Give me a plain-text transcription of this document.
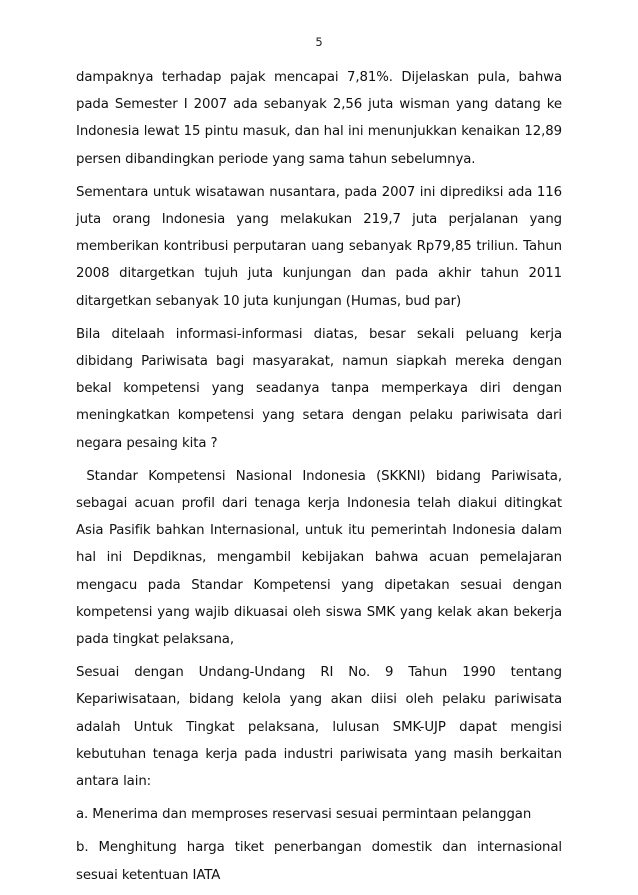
5

dampaknya terhadap pajak mencapai 7,81%. Dijelaskan pula, bahwa pada Semester I 2007 ada sebanyak 2,56 juta wisman yang datang ke Indonesia lewat 15 pintu masuk, dan hal ini menunjukkan kenaikan 12,89 persen dibandingkan periode yang sama tahun sebelumnya.

Sementara untuk wisatawan nusantara, pada 2007 ini diprediksi ada 116 juta orang Indonesia yang melakukan 219,7 juta perjalanan yang memberikan kontribusi perputaran uang sebanyak Rp79,85 triliun. Tahun 2008 ditargetkan tujuh juta kunjungan dan pada akhir tahun 2011 ditargetkan sebanyak 10 juta kunjungan (Humas, bud par)

Bila ditelaah informasi-informasi diatas, besar sekali peluang kerja dibidang Pariwisata bagi masyarakat, namun siapkah mereka dengan bekal kompetensi yang seadanya tanpa memperkaya diri dengan meningkatkan kompetensi yang setara dengan pelaku pariwisata dari negara pesaing kita ?

Standar Kompetensi Nasional Indonesia (SKKNI) bidang Pariwisata, sebagai acuan profil dari tenaga kerja Indonesia telah diakui ditingkat Asia Pasifik bahkan Internasional, untuk itu pemerintah Indonesia dalam hal ini Depdiknas, mengambil kebijakan bahwa acuan pemelajaran mengacu pada Standar Kompetensi yang dipetakan sesuai dengan kompetensi yang wajib dikuasai oleh siswa SMK yang kelak akan bekerja pada tingkat pelaksana,

Sesuai dengan Undang-Undang RI No. 9 Tahun 1990 tentang Kepariwisataan, bidang kelola yang akan diisi oleh pelaku pariwisata adalah Untuk Tingkat pelaksana, lulusan SMK-UJP dapat mengisi kebutuhan tenaga kerja pada industri pariwisata yang masih berkaitan antara lain:

a. Menerima dan memproses reservasi sesuai permintaan pelanggan

b. Menghitung harga tiket penerbangan domestik dan internasional sesuai ketentuan IATA
